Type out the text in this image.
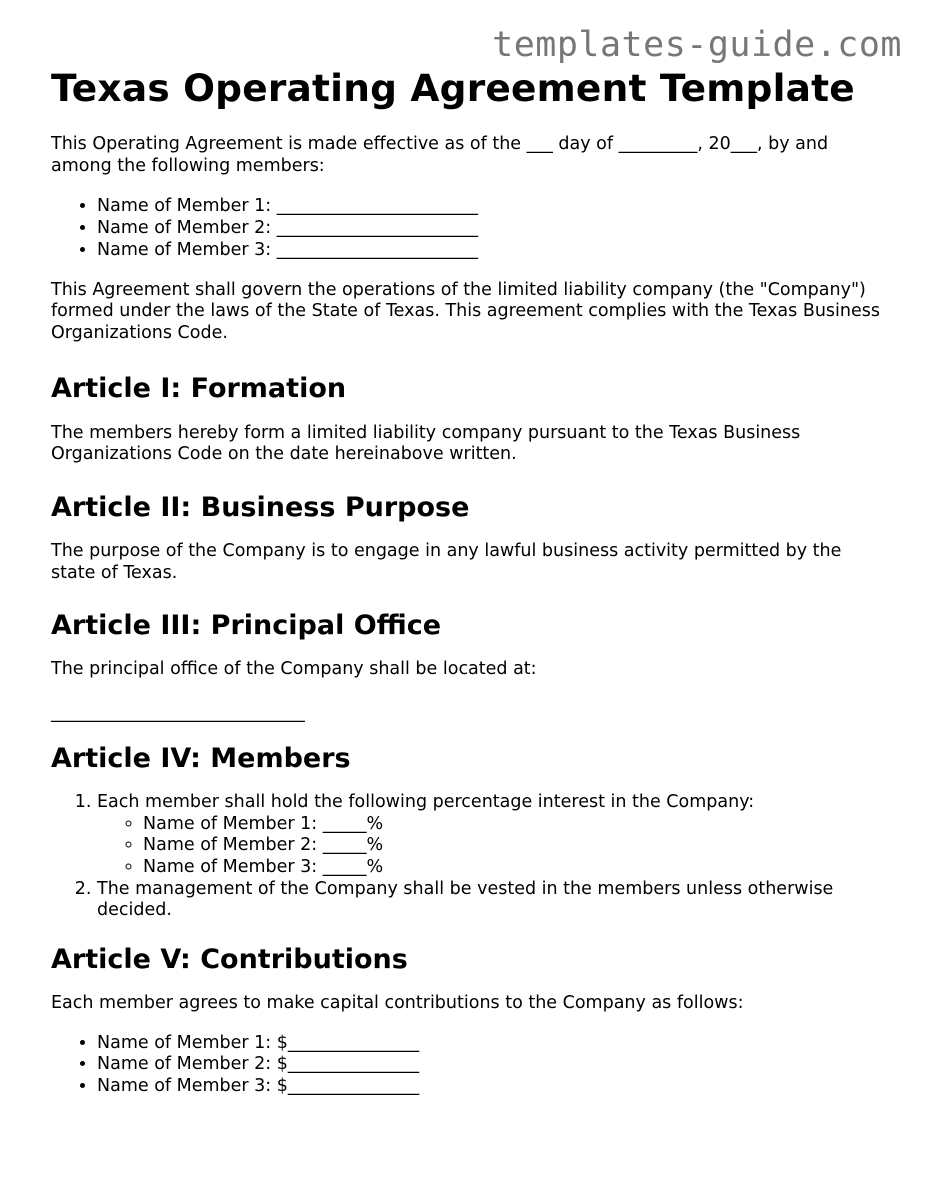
templates-guide.com
Texas Operating Agreement Template

This Operating Agreement is made effective as of the ___ day of _________, 20___, by and among the following members:

• Name of Member 1: _______________________
• Name of Member 2: _______________________
• Name of Member 3: _______________________

This Agreement shall govern the operations of the limited liability company (the "Company") formed under the laws of the State of Texas. This agreement complies with the Texas Business Organizations Code.

Article I: Formation

The members hereby form a limited liability company pursuant to the Texas Business Organizations Code on the date hereinabove written.

Article II: Business Purpose

The purpose of the Company is to engage in any lawful business activity permitted by the state of Texas.

Article III: Principal Office

The principal office of the Company shall be located at:

_____________________________

Article IV: Members
1. Each member shall hold the following percentage interest in the Company:
◦ Name of Member 1: _____%
◦ Name of Member 2: _____%
◦ Name of Member 3: _____%
2. The management of the Company shall be vested in the members unless otherwise decided.
Article V: Contributions

Each member agrees to make capital contributions to the Company as follows:

• Name of Member 1: $_______________
• Name of Member 2: $_______________
• Name of Member 3: $_______________
